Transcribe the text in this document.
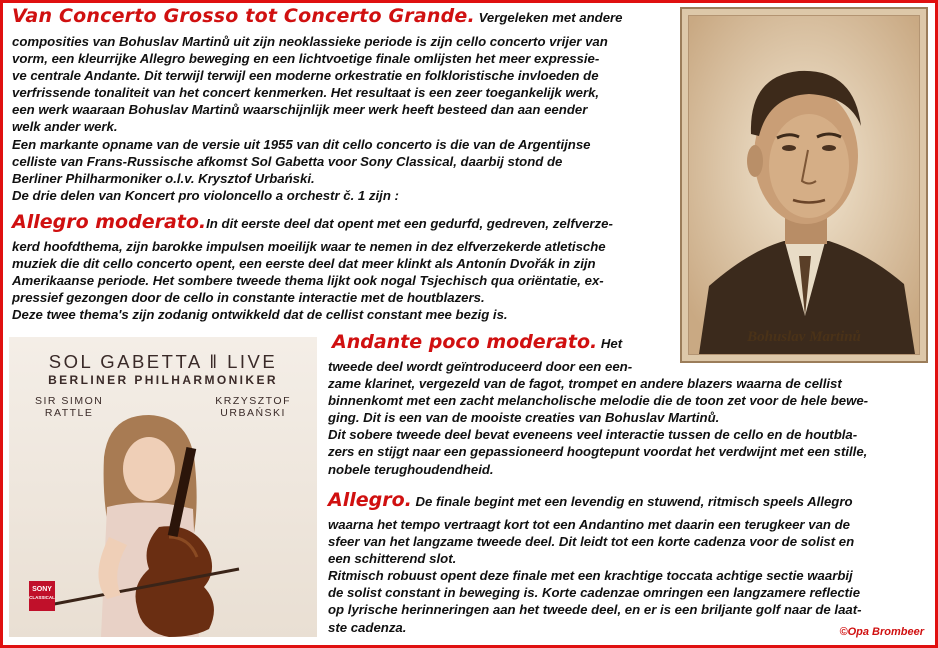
Van Concerto Grosso tot Concerto Grande. Vergeleken met andere
composities van Bohuslav Martinů uit zijn neoklassieke periode is zijn cello concerto vrijer van
vorm, een kleurrijke Allegro beweging en een lichtvoetige finale omlijsten het meer expressie-
ve centrale Andante. Dit terwijl terwijl een moderne orkestratie en folkloristische invloeden de
verfrissende tonaliteit van het concert kenmerken. Het resultaat is een zeer toegankelijk werk,
een werk waaraan Bohuslav Martinů waarschijnlijk meer werk heeft besteed dan aan eender
welk ander werk.
Een markante opname van de versie uit 1955 van dit cello concerto is die van de Argentijnse
celliste van Frans-Russische afkomst Sol Gabetta voor Sony Classical, daarbij stond de
Berliner Philharmoniker o.l.v. Krysztof Urbański.
De drie delen van Koncert pro violoncello a orchestr č. 1 zijn :
Allegro moderato.In dit eerste deel dat opent met een gedurfd, gedreven, zelfverze-
kerd hoofdthema, zijn barokke impulsen moeilijk waar te nemen in dez elfverzekerde atletische
muziek die dit cello concerto opent, een eerste deel dat meer klinkt als Antonín Dvořák in zijn
Amerikaanse periode. Het sombere tweede thema lijkt ook nogal Tsjechisch qua oriëntatie, ex-
pressief gezongen door de cello in constante interactie met de houtblazers.
Deze twee thema's zijn zodanig ontwikkeld dat de cellist constant mee bezig is.
Andante poco moderato. Het
tweede deel wordt geïntroduceerd door een een-
zame klarinet, vergezeld van de fagot, trompet en andere blazers waarna de cellist
binnenkomt met een zacht melancholische melodie die de toon zet voor de hele bewe-
ging. Dit is een van de mooiste creaties van Bohuslav Martinů.
Dit sobere tweede deel bevat eveneens veel interactie tussen de cello en de houtbla-
zers en stijgt naar een gepassioneerd hoogtepunt voordat het verdwijnt met een stille,
nobele terughoudendheid.
Allegro. De finale begint met een levendig en stuwend, ritmisch speels Allegro
waarna het tempo vertraagt kort tot een Andantino met daarin een terugkeer van de
sfeer van het langzame tweede deel. Dit leidt tot een korte cadenza voor de solist en
een schitterend slot.
Ritmisch robuust opent deze finale met een krachtige toccata achtige sectie waarbij
de solist constant in beweging is. Korte cadenzae omringen een langzamere reflectie
op lyrische herinneringen aan het tweede deel, en er is een briljante golf naar de laat-
ste cadenza.
Bohuslav Martinů
SOL GABETTA ‖ LIVE
BERLINER PHILHARMONIKER
SIR SIMON
RATTLE
KRZYSZTOF
URBAŃSKI
SONY
CLASSICAL
©Opa Brombeer
